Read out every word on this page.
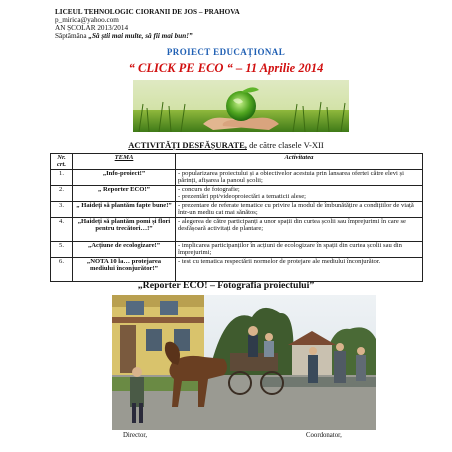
LICEUL TEHNOLOGIC CIORANII DE JOS – PRAHOVA
p_mirica@yahoo.com
AN ȘCOLAR 2013/2014
Săptămâna „Să știi mai multe, să fii mai bun!”
PROIECT EDUCAȚIONAL
“ CLICK PE ECO “ – 11 Aprilie 2014
ACTIVITĂȚI DESFĂȘURATE, de către clasele V-XII
Nr. crt.	TEMA	Activitatea
1.	„Info-proiect!”	- popularizarea proiectului și a obiectivelor acestuia prin lansarea ofertei către elevi și părinți, afișarea la panoul școlii;
2.	„ Reporter ECO!”	- concurs de fotografie;
- prezentări ppt/videoproiectări a tematicii alese;
3.	„ Haideți să plantăm fapte bune!”	- prezentare de referate tematice cu privire la modul de îmbunătățire a condițiilor de viață într-un mediu cat mai sănătos;
4.	„Haideți să plantăm pomi și flori pentru trecători…!”	- alegerea de către participanți a unor spații din curtea școlii sau împrejurimi în care se desfășoară activitați de plantare;
5.	„Acțiune de ecologizare!”	- implicarea participanților în acțiuni de ecologizare în spații din curtea școlii sau din împrejurimi;
6.	„NOTA 10 la… protejarea mediului înconjurător!”	- test cu tematica respectării normelor de protejare ale mediului înconjurător.
„Reporter ECO! – Fotografia proiectului”
Director,	Coordonator,
